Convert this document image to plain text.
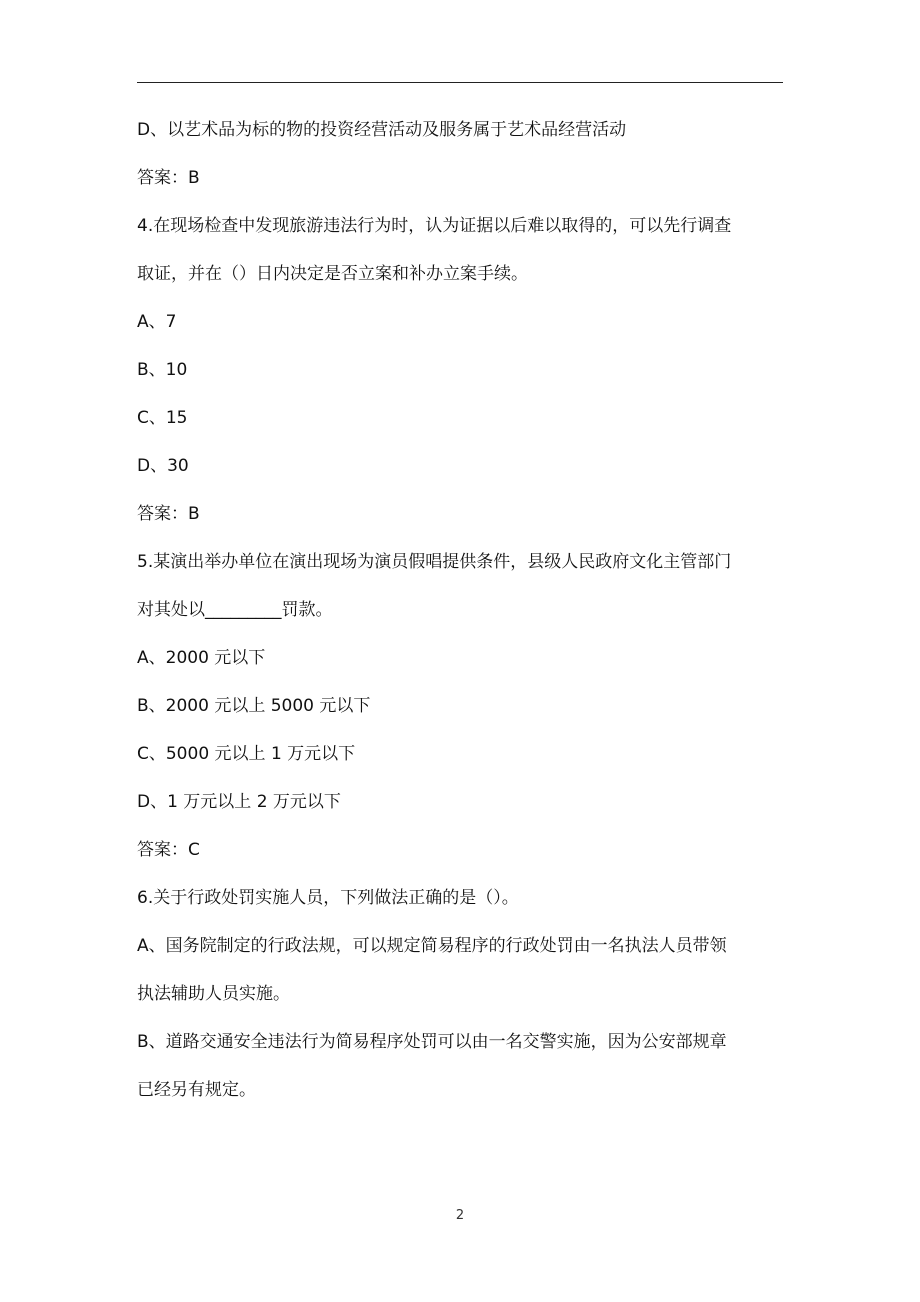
D、以艺术品为标的物的投资经营活动及服务属于艺术品经营活动
答案：B
4.在现场检查中发现旅游违法行为时，认为证据以后难以取得的，可以先行调查
取证，并在（）日内决定是否立案和补办立案手续。
A、7
B、10
C、15
D、30
答案：B
5.某演出举办单位在演出现场为演员假唱提供条件，县级人民政府文化主管部门
对其处以_________罚款。
A、2000 元以下
B、2000 元以上 5000 元以下
C、5000 元以上 1 万元以下
D、1 万元以上 2 万元以下
答案：C
6.关于行政处罚实施人员，下列做法正确的是（）。
A、国务院制定的行政法规，可以规定简易程序的行政处罚由一名执法人员带领
执法辅助人员实施。
B、道路交通安全违法行为简易程序处罚可以由一名交警实施，因为公安部规章
已经另有规定。
2
